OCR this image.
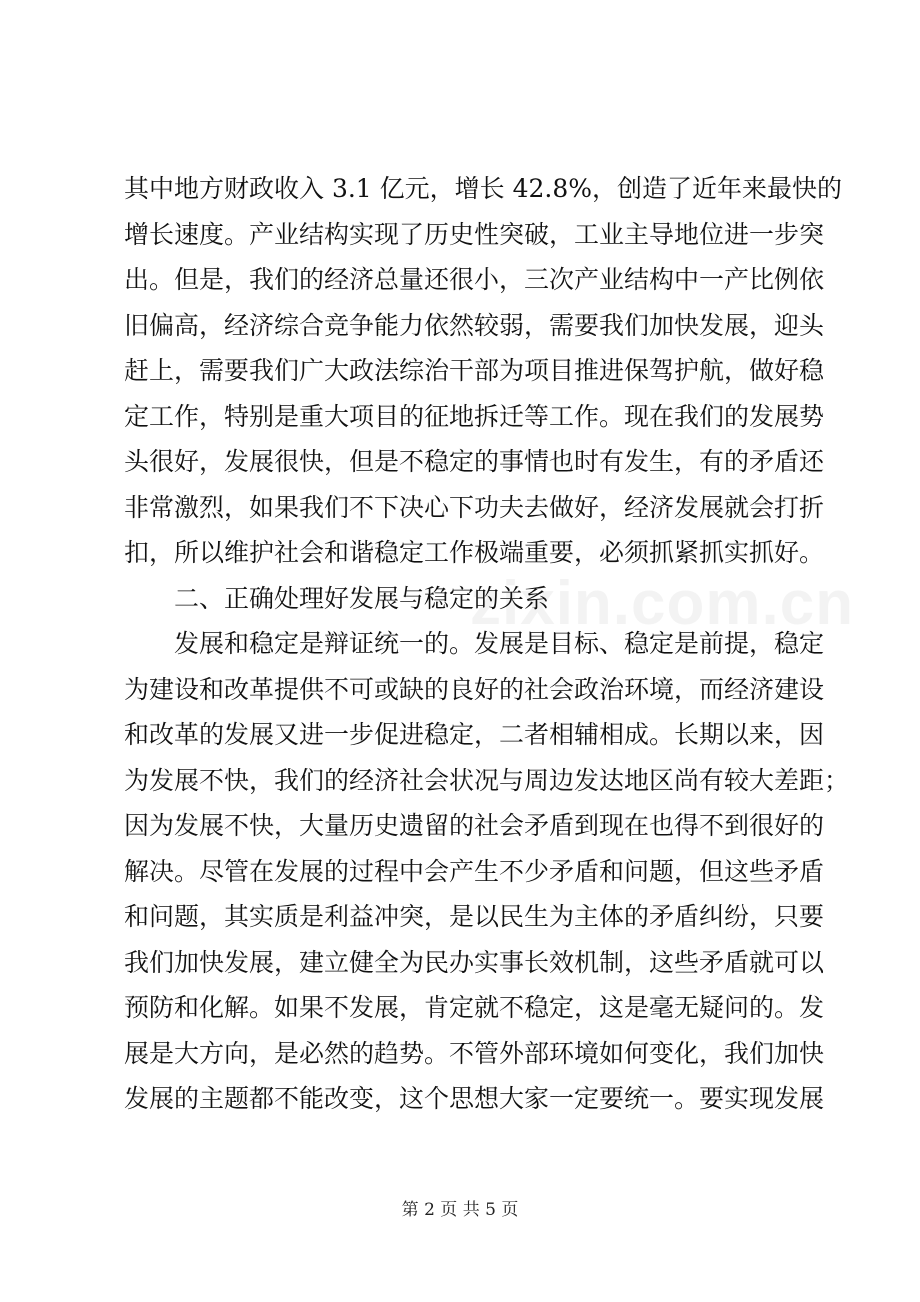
zixin.com.cn
其中地方财政收入 3.1 亿元，增长 42.8%，创造了近年来最快的
增长速度。产业结构实现了历史性突破，工业主导地位进一步突
出。但是，我们的经济总量还很小，三次产业结构中一产比例依
旧偏高，经济综合竞争能力依然较弱，需要我们加快发展，迎头
赶上，需要我们广大政法综治干部为项目推进保驾护航，做好稳
定工作，特别是重大项目的征地拆迁等工作。现在我们的发展势
头很好，发展很快，但是不稳定的事情也时有发生，有的矛盾还
非常激烈，如果我们不下决心下功夫去做好，经济发展就会打折
扣，所以维护社会和谐稳定工作极端重要，必须抓紧抓实抓好。
二、正确处理好发展与稳定的关系
发展和稳定是辩证统一的。发展是目标、稳定是前提，稳定
为建设和改革提供不可或缺的良好的社会政治环境，而经济建设
和改革的发展又进一步促进稳定，二者相辅相成。长期以来，因
为发展不快，我们的经济社会状况与周边发达地区尚有较大差距；
因为发展不快，大量历史遗留的社会矛盾到现在也得不到很好的
解决。尽管在发展的过程中会产生不少矛盾和问题，但这些矛盾
和问题，其实质是利益冲突，是以民生为主体的矛盾纠纷，只要
我们加快发展，建立健全为民办实事长效机制，这些矛盾就可以
预防和化解。如果不发展，肯定就不稳定，这是毫无疑问的。发
展是大方向，是必然的趋势。不管外部环境如何变化，我们加快
发展的主题都不能改变，这个思想大家一定要统一。要实现发展
第 2 页 共 5 页
